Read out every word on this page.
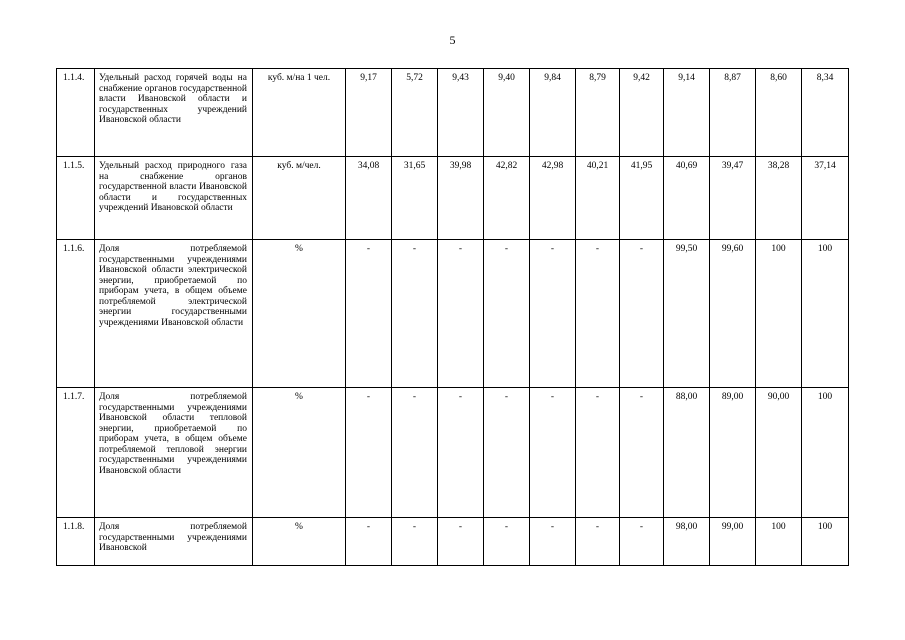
5
1.1.4.	Удельный расход горячей воды на снабжение органов государственной власти Ивановской области и государственных учреждений Ивановской области	куб. м/на 1 чел.	9,17	5,72	9,43	9,40	9,84	8,79	9,42	9,14	8,87	8,60	8,34
1.1.5.	Удельный расход природного газа на снабжение органов государственной власти Ивановской области и государственных учреждений Ивановской области	куб. м/чел.	34,08	31,65	39,98	42,82	42,98	40,21	41,95	40,69	39,47	38,28	37,14
1.1.6.	Доля потребляемой государственными учреждениями Ивановской области электрической энергии, приобретаемой по приборам учета, в общем объеме потребляемой электрической энергии государственными учреждениями Ивановской области	%	-	-	-	-	-	-	-	99,50	99,60	100	100
1.1.7.	Доля потребляемой государственными учреждениями Ивановской области тепловой энергии, приобретаемой по приборам учета, в общем объеме потребляемой тепловой энергии государственными учреждениями Ивановской области	%	-	-	-	-	-	-	-	88,00	89,00	90,00	100
1.1.8.	Доля потребляемой государственными учреждениями Ивановской	%	-	-	-	-	-	-	-	98,00	99,00	100	100
